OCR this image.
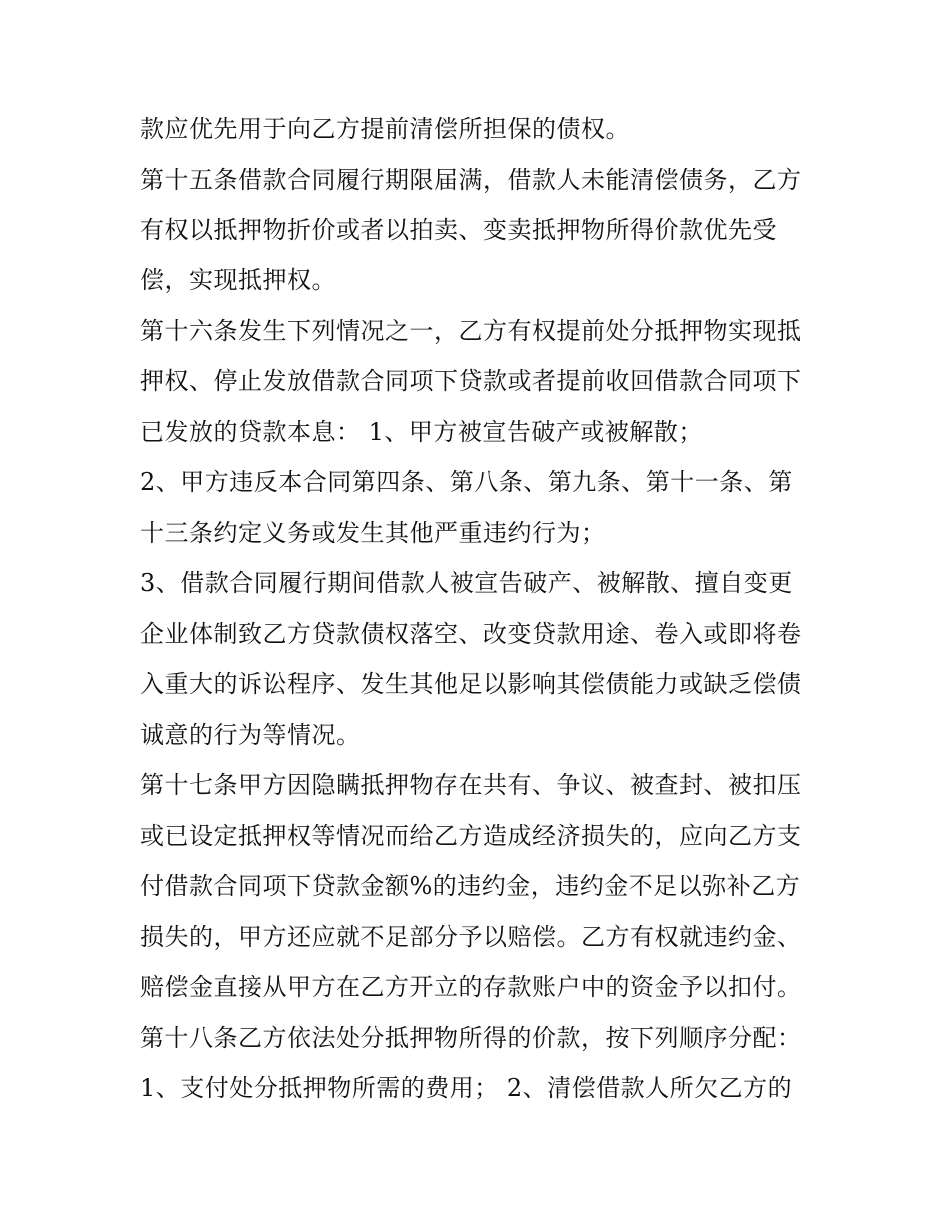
款应优先用于向乙方提前清偿所担保的债权。
第十五条借款合同履行期限届满，借款人未能清偿债务，乙方
有权以抵押物折价或者以拍卖、变卖抵押物所得价款优先受
偿，实现抵押权。
第十六条发生下列情况之一，乙方有权提前处分抵押物实现抵
押权、停止发放借款合同项下贷款或者提前收回借款合同项下
已发放的贷款本息： 1、甲方被宣告破产或被解散；
2、甲方违反本合同第四条、第八条、第九条、第十一条、第
十三条约定义务或发生其他严重违约行为；
3、借款合同履行期间借款人被宣告破产、被解散、擅自变更
企业体制致乙方贷款债权落空、改变贷款用途、卷入或即将卷
入重大的诉讼程序、发生其他足以影响其偿债能力或缺乏偿债
诚意的行为等情况。
第十七条甲方因隐瞒抵押物存在共有、争议、被查封、被扣压
或已设定抵押权等情况而给乙方造成经济损失的，应向乙方支
付借款合同项下贷款金额%的违约金，违约金不足以弥补乙方
损失的，甲方还应就不足部分予以赔偿。乙方有权就违约金、
赔偿金直接从甲方在乙方开立的存款账户中的资金予以扣付。
第十八条乙方依法处分抵押物所得的价款，按下列顺序分配：
1、支付处分抵押物所需的费用； 2、清偿借款人所欠乙方的
